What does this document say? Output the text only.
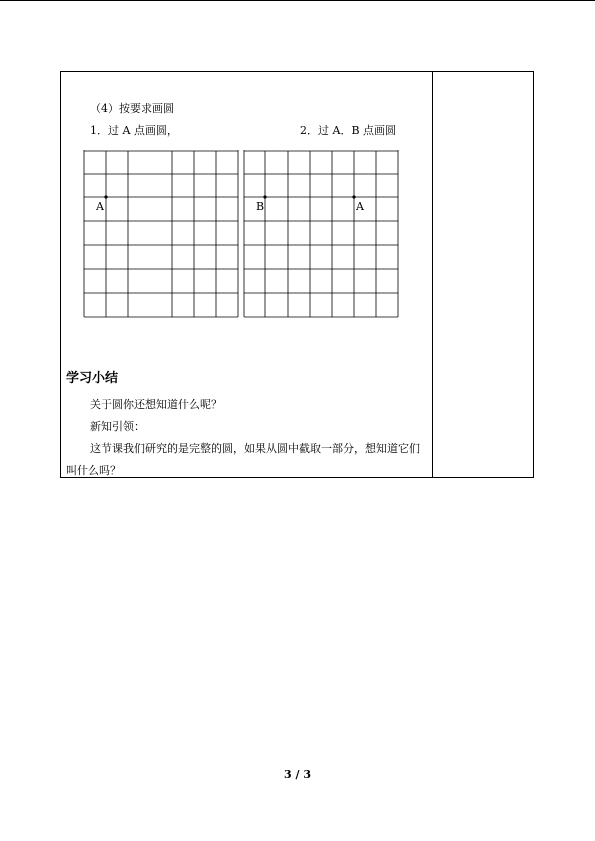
（4）按要求画圆
1．过 A 点画圆，	2．过 A．B 点画圆
A	B	A
学习小结
关于圆你还想知道什么呢？
新知引领：
这节课我们研究的是完整的圆，如果从圆中截取一部分，想知道它们叫什么吗？
3 / 3
